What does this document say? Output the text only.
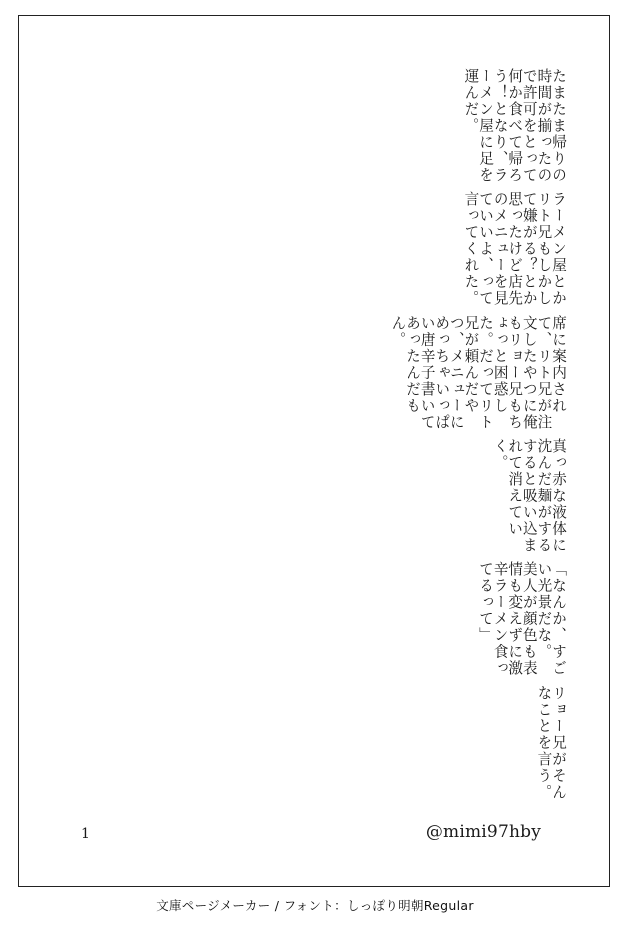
たまたま帰りの時間が揃ったので許可をとって何か食べて帰ろう！となり、ラーメン屋に足を運んだ。
ラーメン屋とかリト兄もしかして嫌がる？とか思ったけど店先のメニューを見ていいよ、って言ってくれた。
席に案内されて、リト兄が注文したやつに俺もリョー兄もちょっと困惑した。だってリト兄が頼んだやつ、メニューにめっちゃいっぱい唐辛子書いてあったんだもん。
真っ赤な液体に沈んだ麺がするすると吸い込まれて消えていく。
「なんか、すごい光景だな。　美人が顔色も表情も変えずに激辛ラーメン食ってるって」
リョー兄がそんなことを言う。
1	@mimi97hby
文庫ページメーカー / フォント：しっぽり明朝Regular
